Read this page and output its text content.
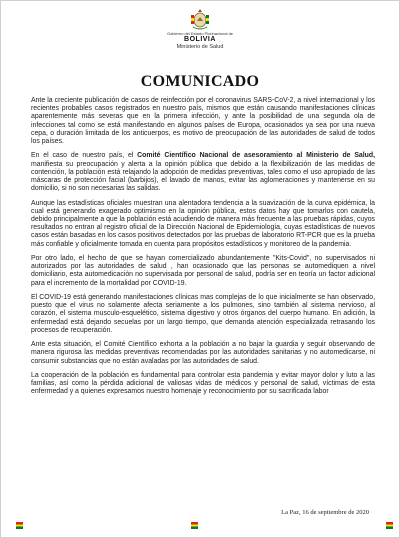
Gobierno del Estado Plurinacional de
BOLIVIA
Ministerio de Salud
COMUNICADO

Ante la creciente publicación de casos de reinfección por el coronavirus SARS-CoV-2, a nivel internacional y los recientes probables casos registrados en nuestro país, mismos que están causando manifestaciones clínicas aparentemente más severas que en la primera infección, y ante la posibilidad de una segunda ola de infecciones tal como se está manifestando en algunos países de Europa, ocasionados ya sea por una nueva cepa, o duración limitada de los anticuerpos, es motivo de preocupación de las autoridades de salud de todos los países.

En el caso de nuestro país, el Comité Científico Nacional de asesoramiento al Ministerio de Salud, manifiesta su preocupación y alerta a la opinión pública que debido a la flexibilización de las medidas de contención, la población está relajando la adopción de medidas preventivas, tales como el uso apropiado de las máscaras de protección facial (barbijos), el lavado de manos, evitar las aglomeraciones y mantenerse en su domicilio, si no son necesarias las salidas.

Aunque las estadísticas oficiales muestran una alentadora tendencia a la suavización de la curva epidémica, la cual está generando exagerado optimismo en la opinión pública, estos datos hay que tomarlos con cautela, debido principalmente a que la población está acudiendo de manera más frecuente a las pruebas rápidas, cuyos resultados no entran al registro oficial de la Dirección Nacional de Epidemiología, cuyas estadísticas de nuevos casos están basadas en los casos positivos detectados por las pruebas de laboratorio RT-PCR que es la prueba más confiable y oficialmente tomada en cuenta para propósitos estadísticos y monitoreo de la pandemia.

Por otro lado, el hecho de que se hayan comercializado abundantemente "Kits-Covid", no supervisados ni autorizados por las autoridades de salud , han ocasionado que las personas se automediquen a nivel domiciliario, esta automedicación no supervisada por personal de salud, podría ser en teoría un factor adicional para el incremento de la mortalidad por COVID-19.

El COVID-19 está generando manifestaciones clínicas mas complejas de lo que inicialmente se han observado, puesto que el virus no solamente afecta seriamente a los pulmones, sino también al sistema nervioso, al corazón, el sistema musculo-esquelético, sistema digestivo y otros órganos del cuerpo humano. En adición, la enfermedad está dejando secuelas por un largo tiempo, que demanda atención especializada retrasando los procesos de recuperación.

Ante esta situación, el Comité Científico exhorta a la población a no bajar la guardia y seguir observando de manera rigurosa las medidas preventivas recomendadas por las autoridades sanitarias y no automedicarse, ni consumir substancias que no están avaladas por las autoridades de salud.

La cooperación de la población es fundamental para controlar esta pandemia y evitar mayor dolor y luto a las familias, así como la pérdida adicional de valiosas vidas de médicos y personal de salud, víctimas de esta enfermedad y a quienes expresamos nuestro homenaje y reconocimiento por su sacrificada labor

La Paz, 16 de septiembre de 2020
